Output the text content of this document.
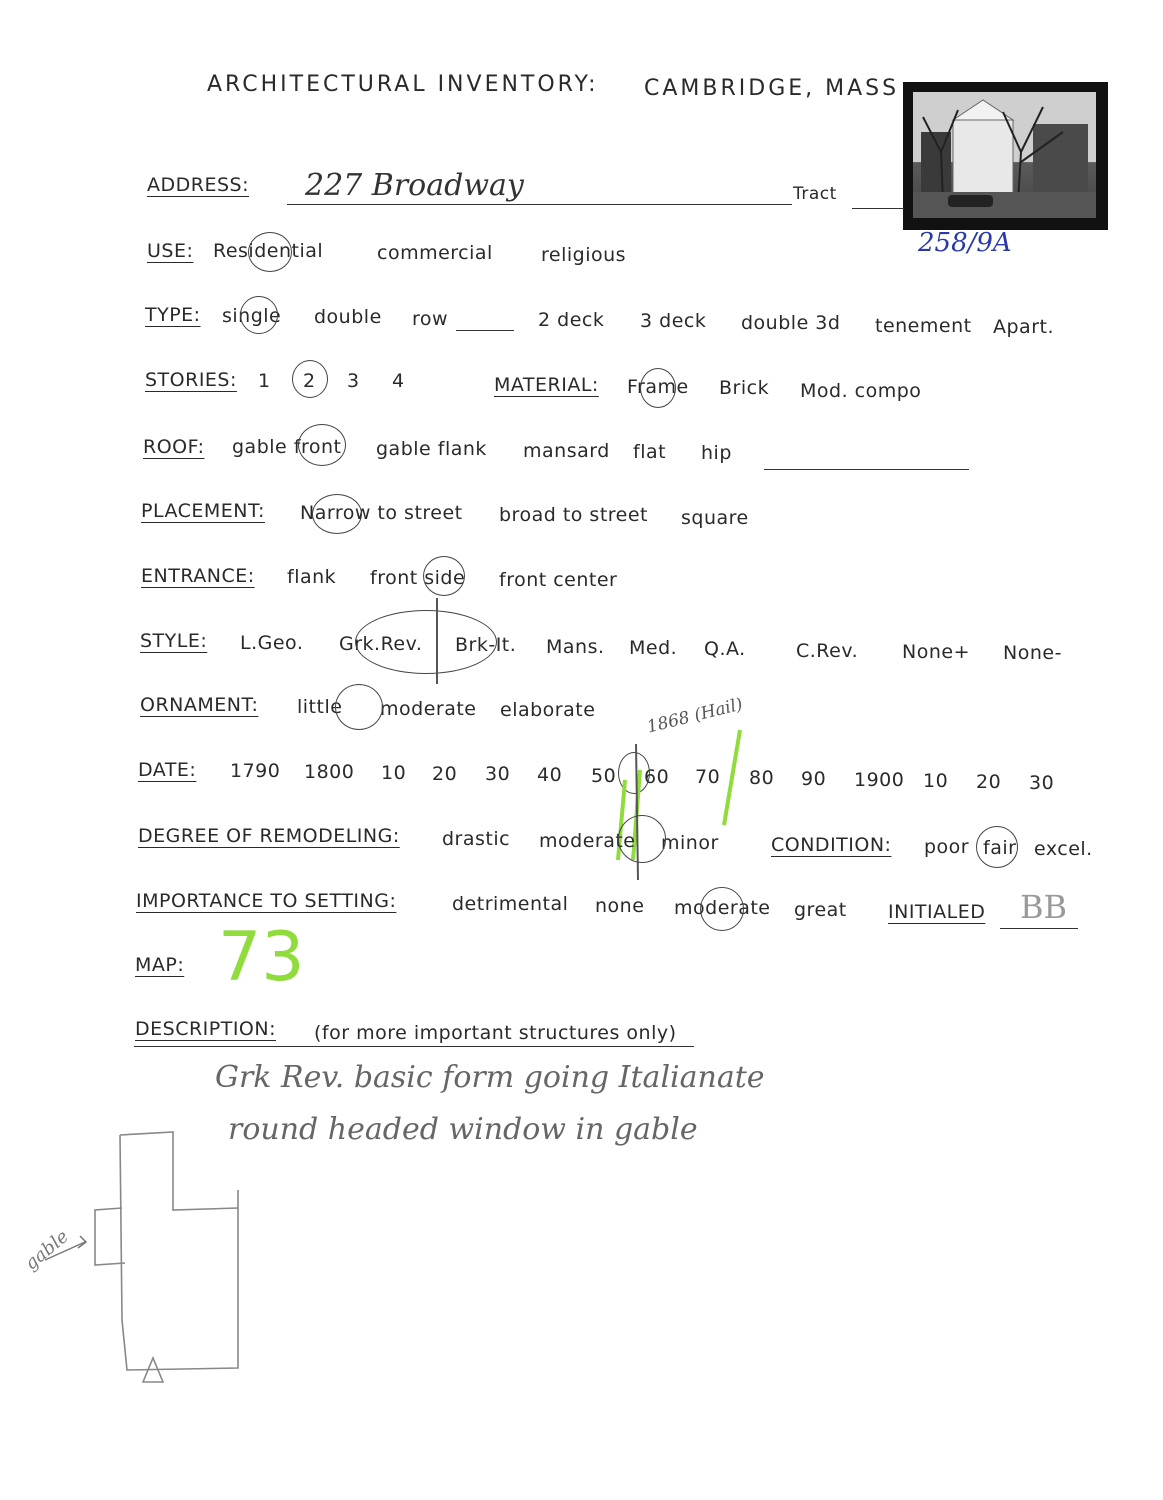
ARCHITECTURAL INVENTORY: CAMBRIDGE, MASS
258/9A
ADDRESS: 227 Broadway	Tract
USE: Residential	commercial	religious
TYPE: single double row	2 deck 3 deck double 3d tenement Apart.
STORIES: 1 2 3 4	MATERIAL: Frame Brick Mod. compo
ROOF: gable front gable flank mansard flat hip
PLACEMENT: Narrow to street broad to street square
ENTRANCE: flank front side front center
STYLE: L.Geo. Grk.Rev. Brk-It. Mans. Med. Q.A.	C.Rev. None+ None-
ORNAMENT: little moderate elaborate	1868 (Hail)
DATE: 1790 1800 10 20 30 40 50 60 70 80 90 1900 10 20 30
DEGREE OF REMODELING: drastic moderate minor	CONDITION: poor fair excel.
IMPORTANCE TO SETTING:	detrimental none moderate great INITIALED BB
MAP: 73
DESCRIPTION: (for more important structures only)
Grk Rev. basic form going Italianate
round headed window in gable
gable
